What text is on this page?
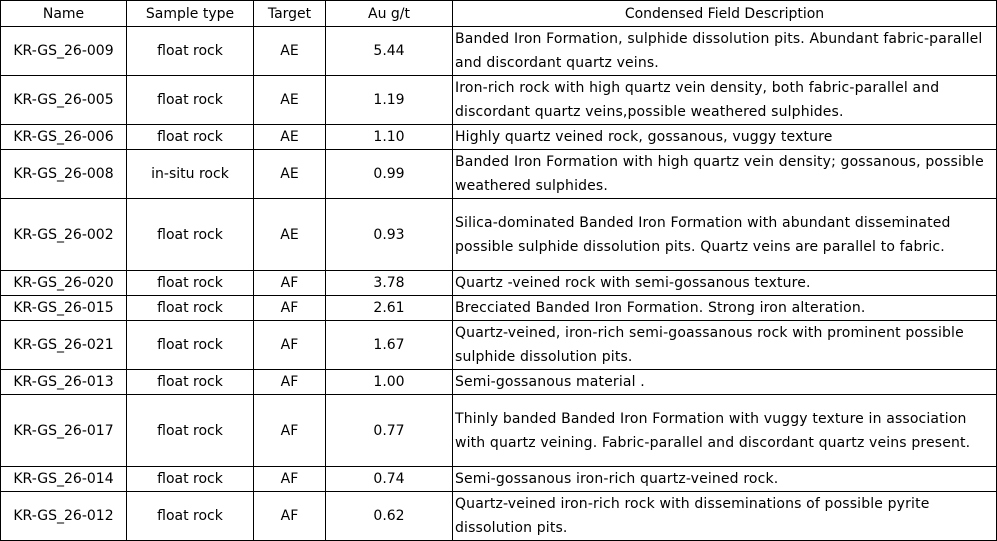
Name	Sample type	Target	Au g/t	Condensed Field Description
KR-GS_26-009	float rock	AE	5.44	Banded Iron Formation, sulphide dissolution pits. Abundant fabric-parallel and discordant quartz veins.
KR-GS_26-005	float rock	AE	1.19	Iron-rich rock with high quartz vein density, both fabric-parallel and discordant quartz veins,possible weathered sulphides.
KR-GS_26-006	float rock	AE	1.10	Highly quartz veined rock, gossanous, vuggy texture
KR-GS_26-008	in-situ rock	AE	0.99	Banded Iron Formation with high quartz vein density; gossanous, possible weathered sulphides.
KR-GS_26-002	float rock	AE	0.93	Silica-dominated Banded Iron Formation with abundant disseminated possible sulphide dissolution pits. Quartz veins are parallel to fabric.
KR-GS_26-020	float rock	AF	3.78	Quartz -veined rock with semi-gossanous texture.
KR-GS_26-015	float rock	AF	2.61	Brecciated Banded Iron Formation. Strong iron alteration.
KR-GS_26-021	float rock	AF	1.67	Quartz-veined, iron-rich semi-goassanous rock with prominent possible sulphide dissolution pits.
KR-GS_26-013	float rock	AF	1.00	Semi-gossanous material .
KR-GS_26-017	float rock	AF	0.77	Thinly banded Banded Iron Formation with vuggy texture in association with quartz veining. Fabric-parallel and discordant quartz veins present.
KR-GS_26-014	float rock	AF	0.74	Semi-gossanous iron-rich quartz-veined rock.
KR-GS_26-012	float rock	AF	0.62	Quartz-veined iron-rich rock with disseminations of possible pyrite dissolution pits.
